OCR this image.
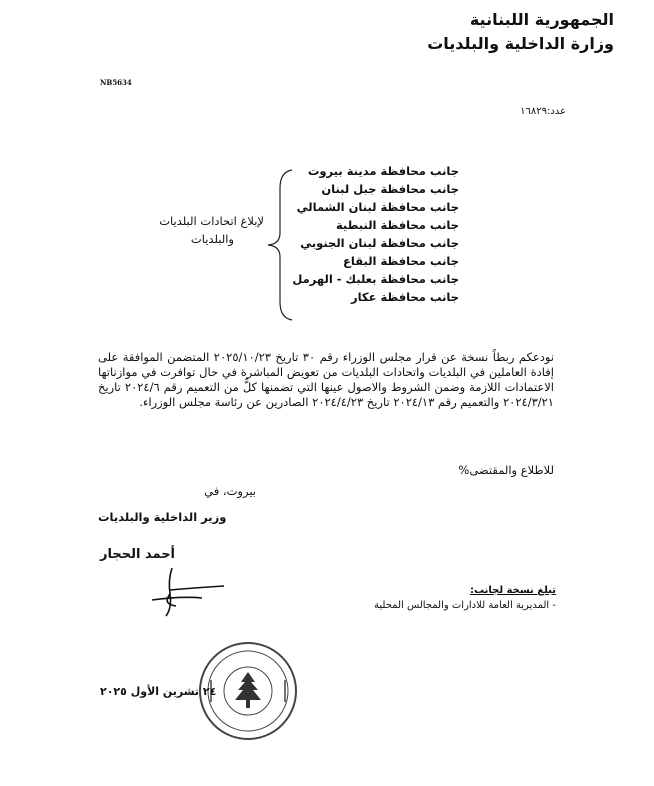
الجمهورية اللبنانية
وزارة الداخلية والبلديات
NB5634
عدد:١٦٨٢٩
جانب محافظة مدينة بيروت
جانب محافظة جبل لبنان
جانب محافظة لبنان الشمالي
جانب محافظة النبطية
جانب محافظة لبنان الجنوبي
جانب محافظة البقاع
جانب محافظة بعلبك - الهرمل
جانب محافظة عكار
لإبلاغ اتحادات البلديات
والبلديات
نودعكم ربطاً نسخة عن قرار مجلس الوزراء رقم ٣٠ تاريخ ٢٠٢٥/١٠/٢٣ المتضمن الموافقة على إفادة العاملين في البلديات واتحادات البلديات من تعويض المباشرة في حال توافرت في موازناتها الاعتمادات اللازمة وضمن الشروط والاصول عينها التي تضمنها كلٌّ من التعميم رقم ٢٠٢٤/٦ تاريخ ٢٠٢٤/٣/٢١ والتعميم رقم ٢٠٢٤/١٣ تاريخ ٢٠٢٤/٤/٢٣ الصادرين عن رئاسة مجلس الوزراء.
للاطلاع والمقتضى%
بيروت، في
وزير الداخلية والبلديات
أحمد الحجار
تبلغ نسخة لجانب:
- المديرية العامة للادارات والمجالس المحلية
٢٤ تشرين الأول ٢٠٢٥
